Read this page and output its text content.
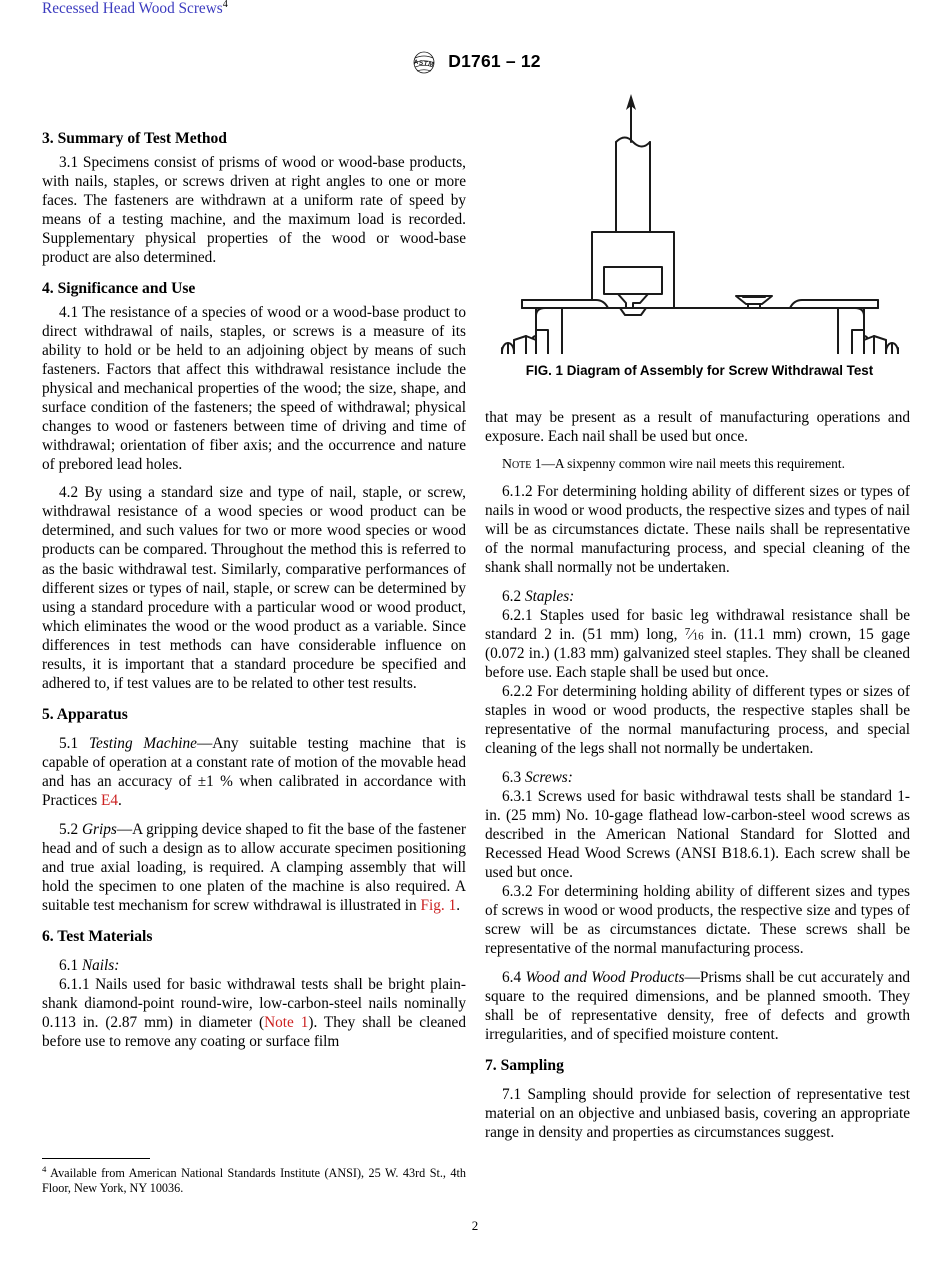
A S T M D1761 – 12
Recessed Head Wood Screws$^4$
3. Summary of Test Method

3.1 Specimens consist of prisms of wood or wood-base products, with nails, staples, or screws driven at right angles to one or more faces. The fasteners are withdrawn at a uniform rate of speed by means of a testing machine, and the maximum load is recorded. Supplementary physical properties of the wood or wood-base product are also determined.

4. Significance and Use

4.1 The resistance of a species of wood or a wood-base product to direct withdrawal of nails, staples, or screws is a measure of its ability to hold or be held to an adjoining object by means of such fasteners. Factors that affect this withdrawal resistance include the physical and mechanical properties of the wood; the size, shape, and surface condition of the fasteners; the speed of withdrawal; physical changes to wood or fasteners between time of driving and time of withdrawal; orientation of fiber axis; and the occurrence and nature of prebored lead holes.

4.2 By using a standard size and type of nail, staple, or screw, withdrawal resistance of a wood species or wood product can be determined, and such values for two or more wood species or wood products can be compared. Throughout the method this is referred to as the basic withdrawal test. Similarly, comparative performances of different sizes or types of nail, staple, or screw can be determined by using a standard procedure with a particular wood or wood product, which eliminates the wood or the wood product as a variable. Since differences in test methods can have considerable influence on results, it is important that a standard procedure be specified and adhered to, if test values are to be related to other test results.

5. Apparatus

5.1 Testing Machine—Any suitable testing machine that is capable of operation at a constant rate of motion of the movable head and has an accuracy of ±1 % when calibrated in accordance with Practices E4.

5.2 Grips—A gripping device shaped to fit the base of the fastener head and of such a design as to allow accurate specimen positioning and true axial loading, is required. A clamping assembly that will hold the specimen to one platen of the machine is also required. A suitable test mechanism for screw withdrawal is illustrated in Fig. 1.

6. Test Materials

6.1 Nails:

6.1.1 Nails used for basic withdrawal tests shall be bright plain-shank diamond-point round-wire, low-carbon-steel nails nominally 0.113 in. (2.87 mm) in diameter (Note 1). They shall be cleaned before use to remove any coating or surface film

FIG. 1 Diagram of Assembly for Screw Withdrawal Test

that may be present as a result of manufacturing operations and exposure. Each nail shall be used but once.

Note 1—A sixpenny common wire nail meets this requirement.

6.1.2 For determining holding ability of different sizes or types of nails in wood or wood products, the respective sizes and types of nail will be as circumstances dictate. These nails shall be representative of the normal manufacturing process, and special cleaning of the shank shall normally not be undertaken.

6.2 Staples:

6.2.1 Staples used for basic leg withdrawal resistance shall be standard 2 in. (51 mm) long, $^7⁄_{16}$ in. (11.1 mm) crown, 15 gage (0.072 in.) (1.83 mm) galvanized steel staples. They shall be cleaned before use. Each staple shall be used but once.

6.2.2 For determining holding ability of different types or sizes of staples in wood or wood products, the respective staples shall be representative of the normal manufacturing process, and special cleaning of the legs shall not normally be undertaken.

6.3 Screws:

6.3.1 Screws used for basic withdrawal tests shall be standard 1-in. (25 mm) No. 10-gage flathead low-carbon-steel wood screws as described in the American National Standard for Slotted and Recessed Head Wood Screws (ANSI B18.6.1). Each screw shall be used but once.

6.3.2 For determining holding ability of different sizes and types of screws in wood or wood products, the respective size and types of screw will be as circumstances dictate. These screws shall be representative of the normal manufacturing process.

6.4 Wood and Wood Products—Prisms shall be cut accurately and square to the required dimensions, and be planned smooth. They shall be of representative density, free of defects and growth irregularities, and of specified moisture content.

7. Sampling

7.1 Sampling should provide for selection of representative test material on an objective and unbiased basis, covering an appropriate range in density and properties as circumstances suggest.

$^4$ Available from American National Standards Institute (ANSI), 25 W. 43rd St., 4th Floor, New York, NY 10036.

2
